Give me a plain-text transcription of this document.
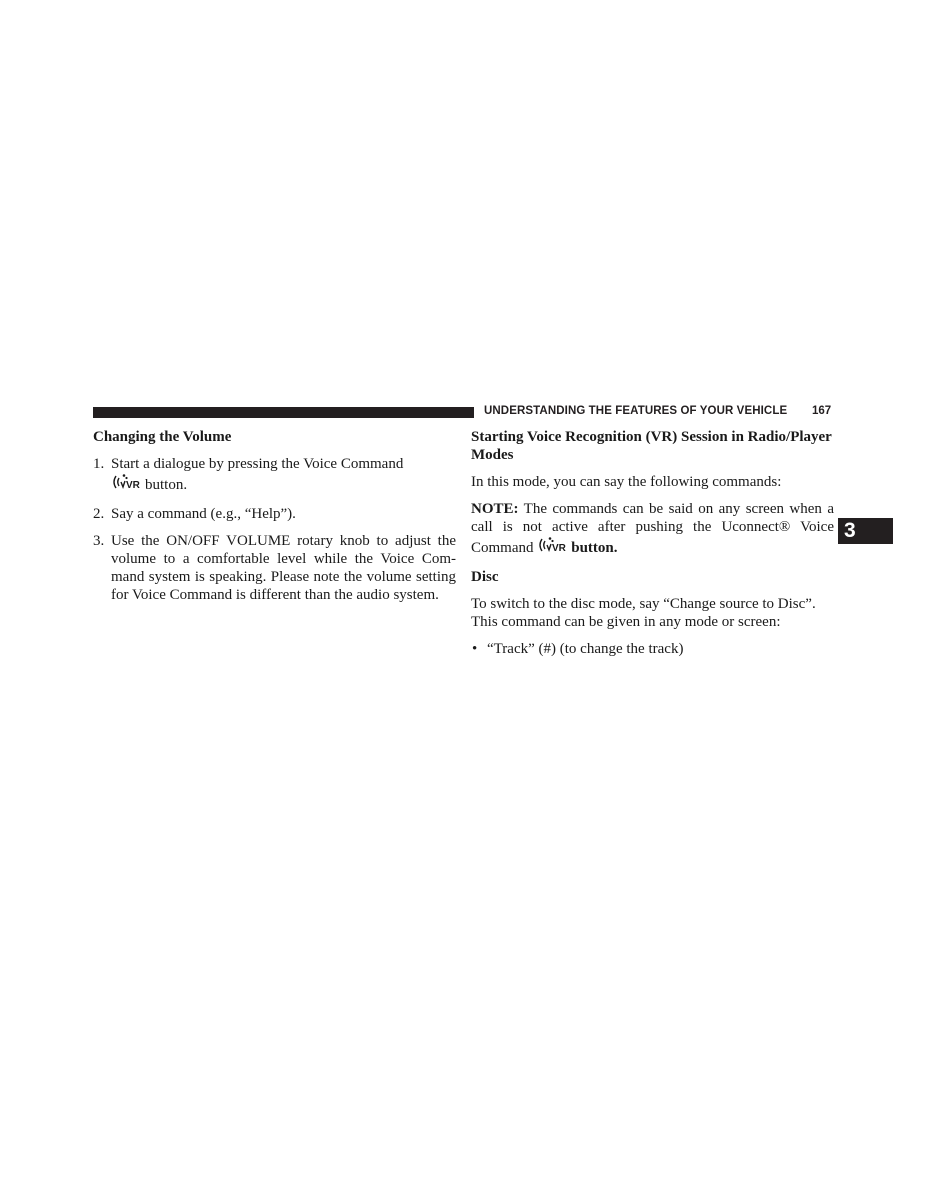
UNDERSTANDING THE FEATURES OF YOUR VEHICLE	167
3
Changing the Volume
1. Start a dialogue by pressing the Voice Command

VR button.
2. Say a command (e.g., “Help”).
3. Use the ON/OFF VOLUME rotary knob to adjust the volume to a comfortable level while the Voice Com-mand system is speaking. Please note the volume setting for Voice Command is different than the audio system.
Starting Voice Recognition (VR) Session in Radio/Player Modes

In this mode, you can say the following commands:

NOTE: The commands can be said on any screen when a call is not active after pushing the Uconnect® Voice Command VR button.

Disc

To switch to the disc mode, say “Change source to Disc”. This command can be given in any mode or screen:

• “Track” (#) (to change the track)
